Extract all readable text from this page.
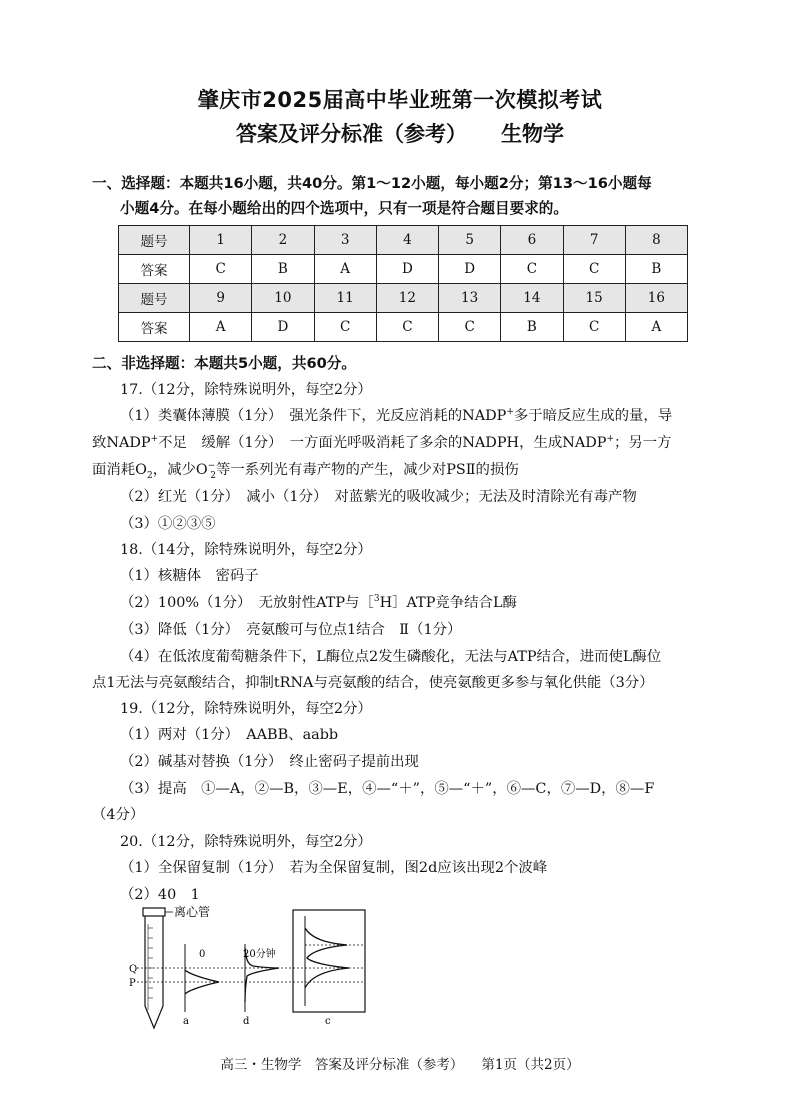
肇庆市2025届高中毕业班第一次模拟考试
答案及评分标准（参考） 生物学
一、选择题：本题共16小题，共40分。第1～12小题，每小题2分；第13～16小题每
小题4分。在每小题给出的四个选项中，只有一项是符合题目要求的。
题号	1	2	3	4	5	6	7	8
答案	C	B	A	D	D	C	C	B
题号	9	10	11	12	13	14	15	16
答案	A	D	C	C	C	B	C	A
二、非选择题：本题共5小题，共60分。
17.（12分，除特殊说明外，每空2分）
（1）类囊体薄膜（1分）　强光条件下，光反应消耗的NADP+多于暗反应生成的量，导
致NADP+不足　缓解（1分）　一方面光呼吸消耗了多余的NADPH，生成NADP+；另一方
面消耗$O_2$，减少$O^-_2$等一系列光有毒产物的产生，减少对PSⅡ的损伤
（2）红光（1分）　减小（1分）　对蓝紫光的吸收减少；无法及时清除光有毒产物
（3）①②③⑤
18.（14分，除特殊说明外，每空2分）
（1）核糖体　密码子
（2）100%（1分）　无放射性ATP与［$^3$H］ATP竞争结合L酶
（3）降低（1分）　亮氨酸可与位点1结合　Ⅱ（1分）
（4）在低浓度葡萄糖条件下，L酶位点2发生磷酸化，无法与ATP结合，进而使L酶位
点1无法与亮氨酸结合，抑制tRNA与亮氨酸的结合，使亮氨酸更多参与氧化供能（3分）
19.（12分，除特殊说明外，每空2分）
（1）两对（1分）　AABB、aabb
（2）碱基对替换（1分）　终止密码子提前出现
（3）提高　①—A，②—B，③—E，④—“＋”，⑤—“＋”，⑥—C，⑦—D，⑧—F
（4分）
20.（12分，除特殊说明外，每空2分）
（1）全保留复制（1分）　若为全保留复制，图2d应该出现2个波峰
（2）40　1
离心管
Q
P
0
a
20分钟
d	c
高三・生物学　答案及评分标准（参考） 第1页（共2页）
